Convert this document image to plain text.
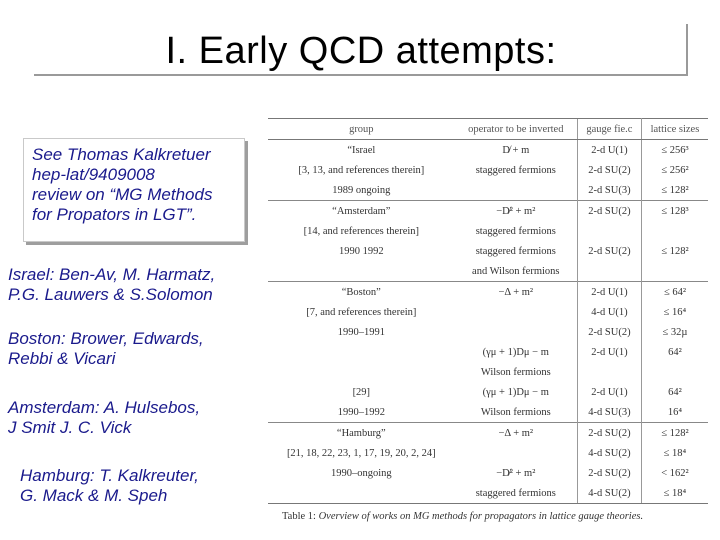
I. Early QCD attempts:
See Thomas Kalkretuer
hep-lat/9409008
review on “MG Methods
for Propators in LGT”.
Israel: Ben-Av, M. Harmatz,
P.G. Lauwers & S.Solomon
Boston: Brower, Edwards,
Rebbi & Vicari
Amsterdam: A. Hulsebos,
J Smit J. C. Vick
Hamburg: T. Kalkreuter,
G. Mack & M. Speh
group	operator to be inverted	gauge fie.c	lattice sizes
“Israel	D̸ + m	2-d U(1)	≤ 256³
[3, 13, and references therein]	staggered fermions	2-d SU(2)	≤ 256²
1989 ongoing		2-d SU(3)	≤ 128²
“Amsterdam”	−D̸² + m²	2-d SU(2)	≤ 128³
[14, and references therein]	staggered fermions		
1990 1992	staggered fermions	2-d SU(2)	≤ 128²
	and Wilson fermions		
“Boston”	−Δ + m²	2-d U(1)	≤ 64²
[7, and references therein]		4-d U(1)	≤ 16⁴
1990–1991		2-d SU(2)	≤ 32µ
	(γμ + 1)Dμ − m	2-d U(1)	64²
	Wilson fermions		
[29]	(γμ + 1)Dμ − m	2-d U(1)	64²
1990–1992	Wilson fermions	4-d SU(3)	16⁴
“Hamburg”	−Δ + m²	2-d SU(2)	≤ 128²
[21, 18, 22, 23, 1, 17, 19, 20, 2, 24]		4-d SU(2)	≤ 18⁴
1990–ongoing	−D̸² + m²	2-d SU(2)	< 162²
	staggered fermions	4-d SU(2)	≤ 18⁴
Table 1: Overview of works on MG methods for propagators in lattice gauge theories.
